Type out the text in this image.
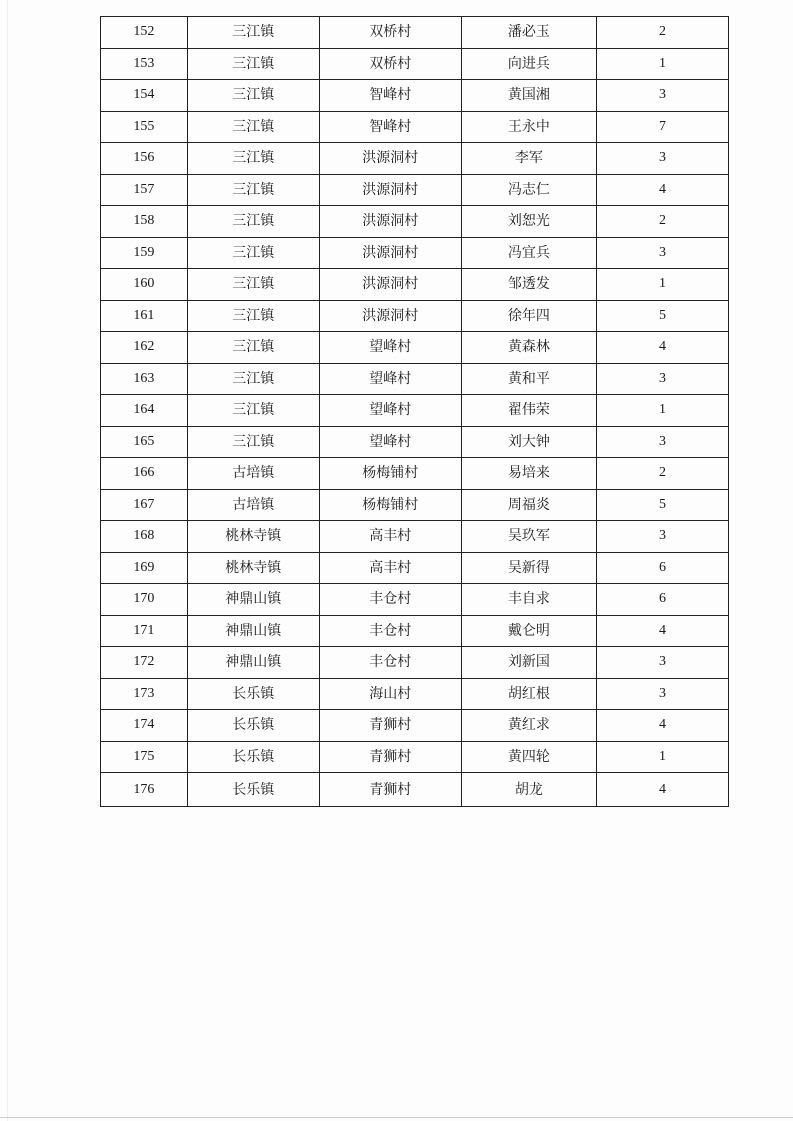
152	三江镇	双桥村	潘必玉	2
153	三江镇	双桥村	向进兵	1
154	三江镇	智峰村	黄国湘	3
155	三江镇	智峰村	王永中	7
156	三江镇	洪源洞村	李军	3
157	三江镇	洪源洞村	冯志仁	4
158	三江镇	洪源洞村	刘恕光	2
159	三江镇	洪源洞村	冯宜兵	3
160	三江镇	洪源洞村	邹透发	1
161	三江镇	洪源洞村	徐年四	5
162	三江镇	望峰村	黄森林	4
163	三江镇	望峰村	黄和平	3
164	三江镇	望峰村	翟伟荣	1
165	三江镇	望峰村	刘大钟	3
166	古培镇	杨梅铺村	易培来	2
167	古培镇	杨梅铺村	周福炎	5
168	桃林寺镇	高丰村	吴玖军	3
169	桃林寺镇	高丰村	吴新得	6
170	神鼎山镇	丰仓村	丰自求	6
171	神鼎山镇	丰仓村	戴仑明	4
172	神鼎山镇	丰仓村	刘新国	3
173	长乐镇	海山村	胡红根	3
174	长乐镇	青狮村	黄红求	4
175	长乐镇	青狮村	黄四轮	1
176	长乐镇	青狮村	胡龙	4
